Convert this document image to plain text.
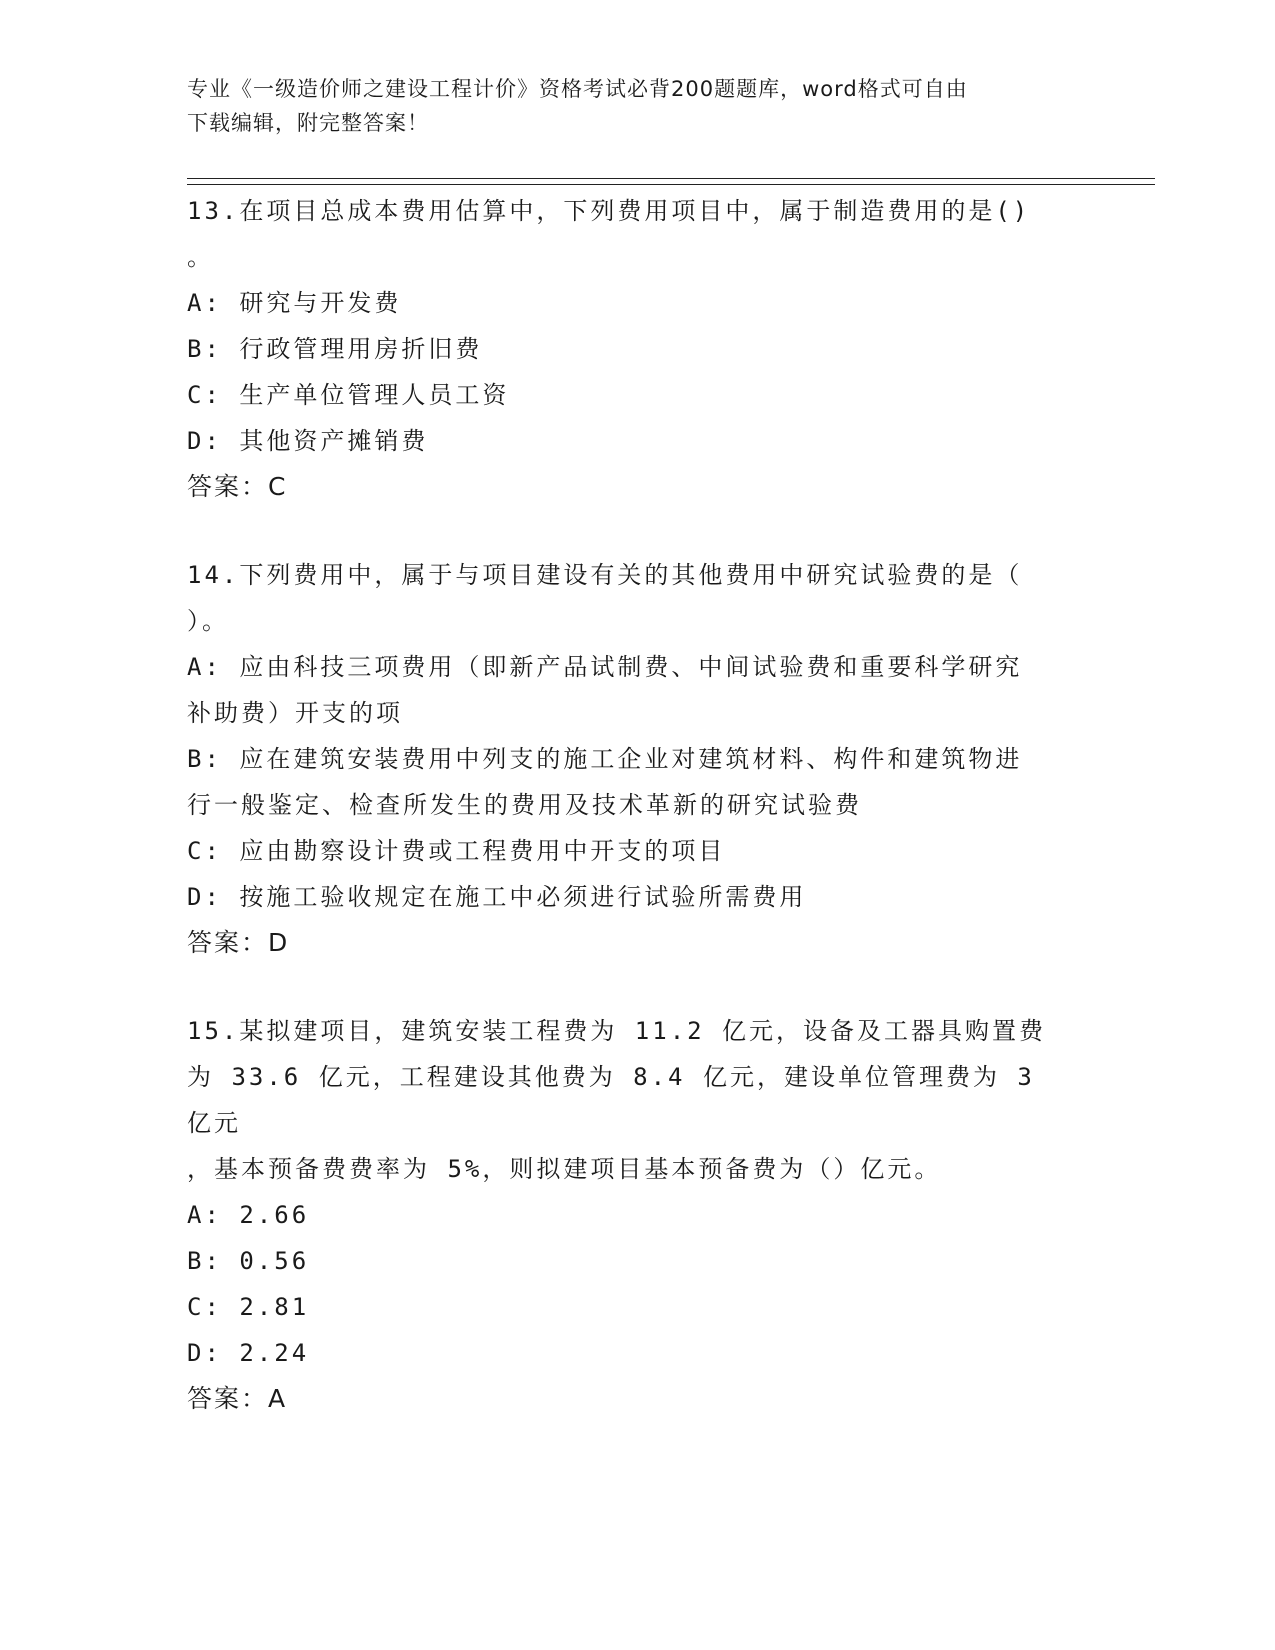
专业《一级造价师之建设工程计价》资格考试必背200题题库，word格式可自由
下载编辑，附完整答案！
13.在项目总成本费用估算中，下列费用项目中，属于制造费用的是()
。
A: 研究与开发费
B: 行政管理用房折旧费
C: 生产单位管理人员工资
D: 其他资产摊销费
答案：C
14.下列费用中，属于与项目建设有关的其他费用中研究试验费的是（
）。
A: 应由科技三项费用（即新产品试制费、中间试验费和重要科学研究
补助费）开支的项
B: 应在建筑安装费用中列支的施工企业对建筑材料、构件和建筑物进
行一般鉴定、检查所发生的费用及技术革新的研究试验费
C: 应由勘察设计费或工程费用中开支的项目
D: 按施工验收规定在施工中必须进行试验所需费用
答案：D
15.某拟建项目，建筑安装工程费为 11.2 亿元，设备及工器具购置费
为 33.6 亿元，工程建设其他费为 8.4 亿元，建设单位管理费为 3 亿元
，基本预备费费率为 5%，则拟建项目基本预备费为（）亿元。
A: 2.66
B: 0.56
C: 2.81
D: 2.24
答案：A
